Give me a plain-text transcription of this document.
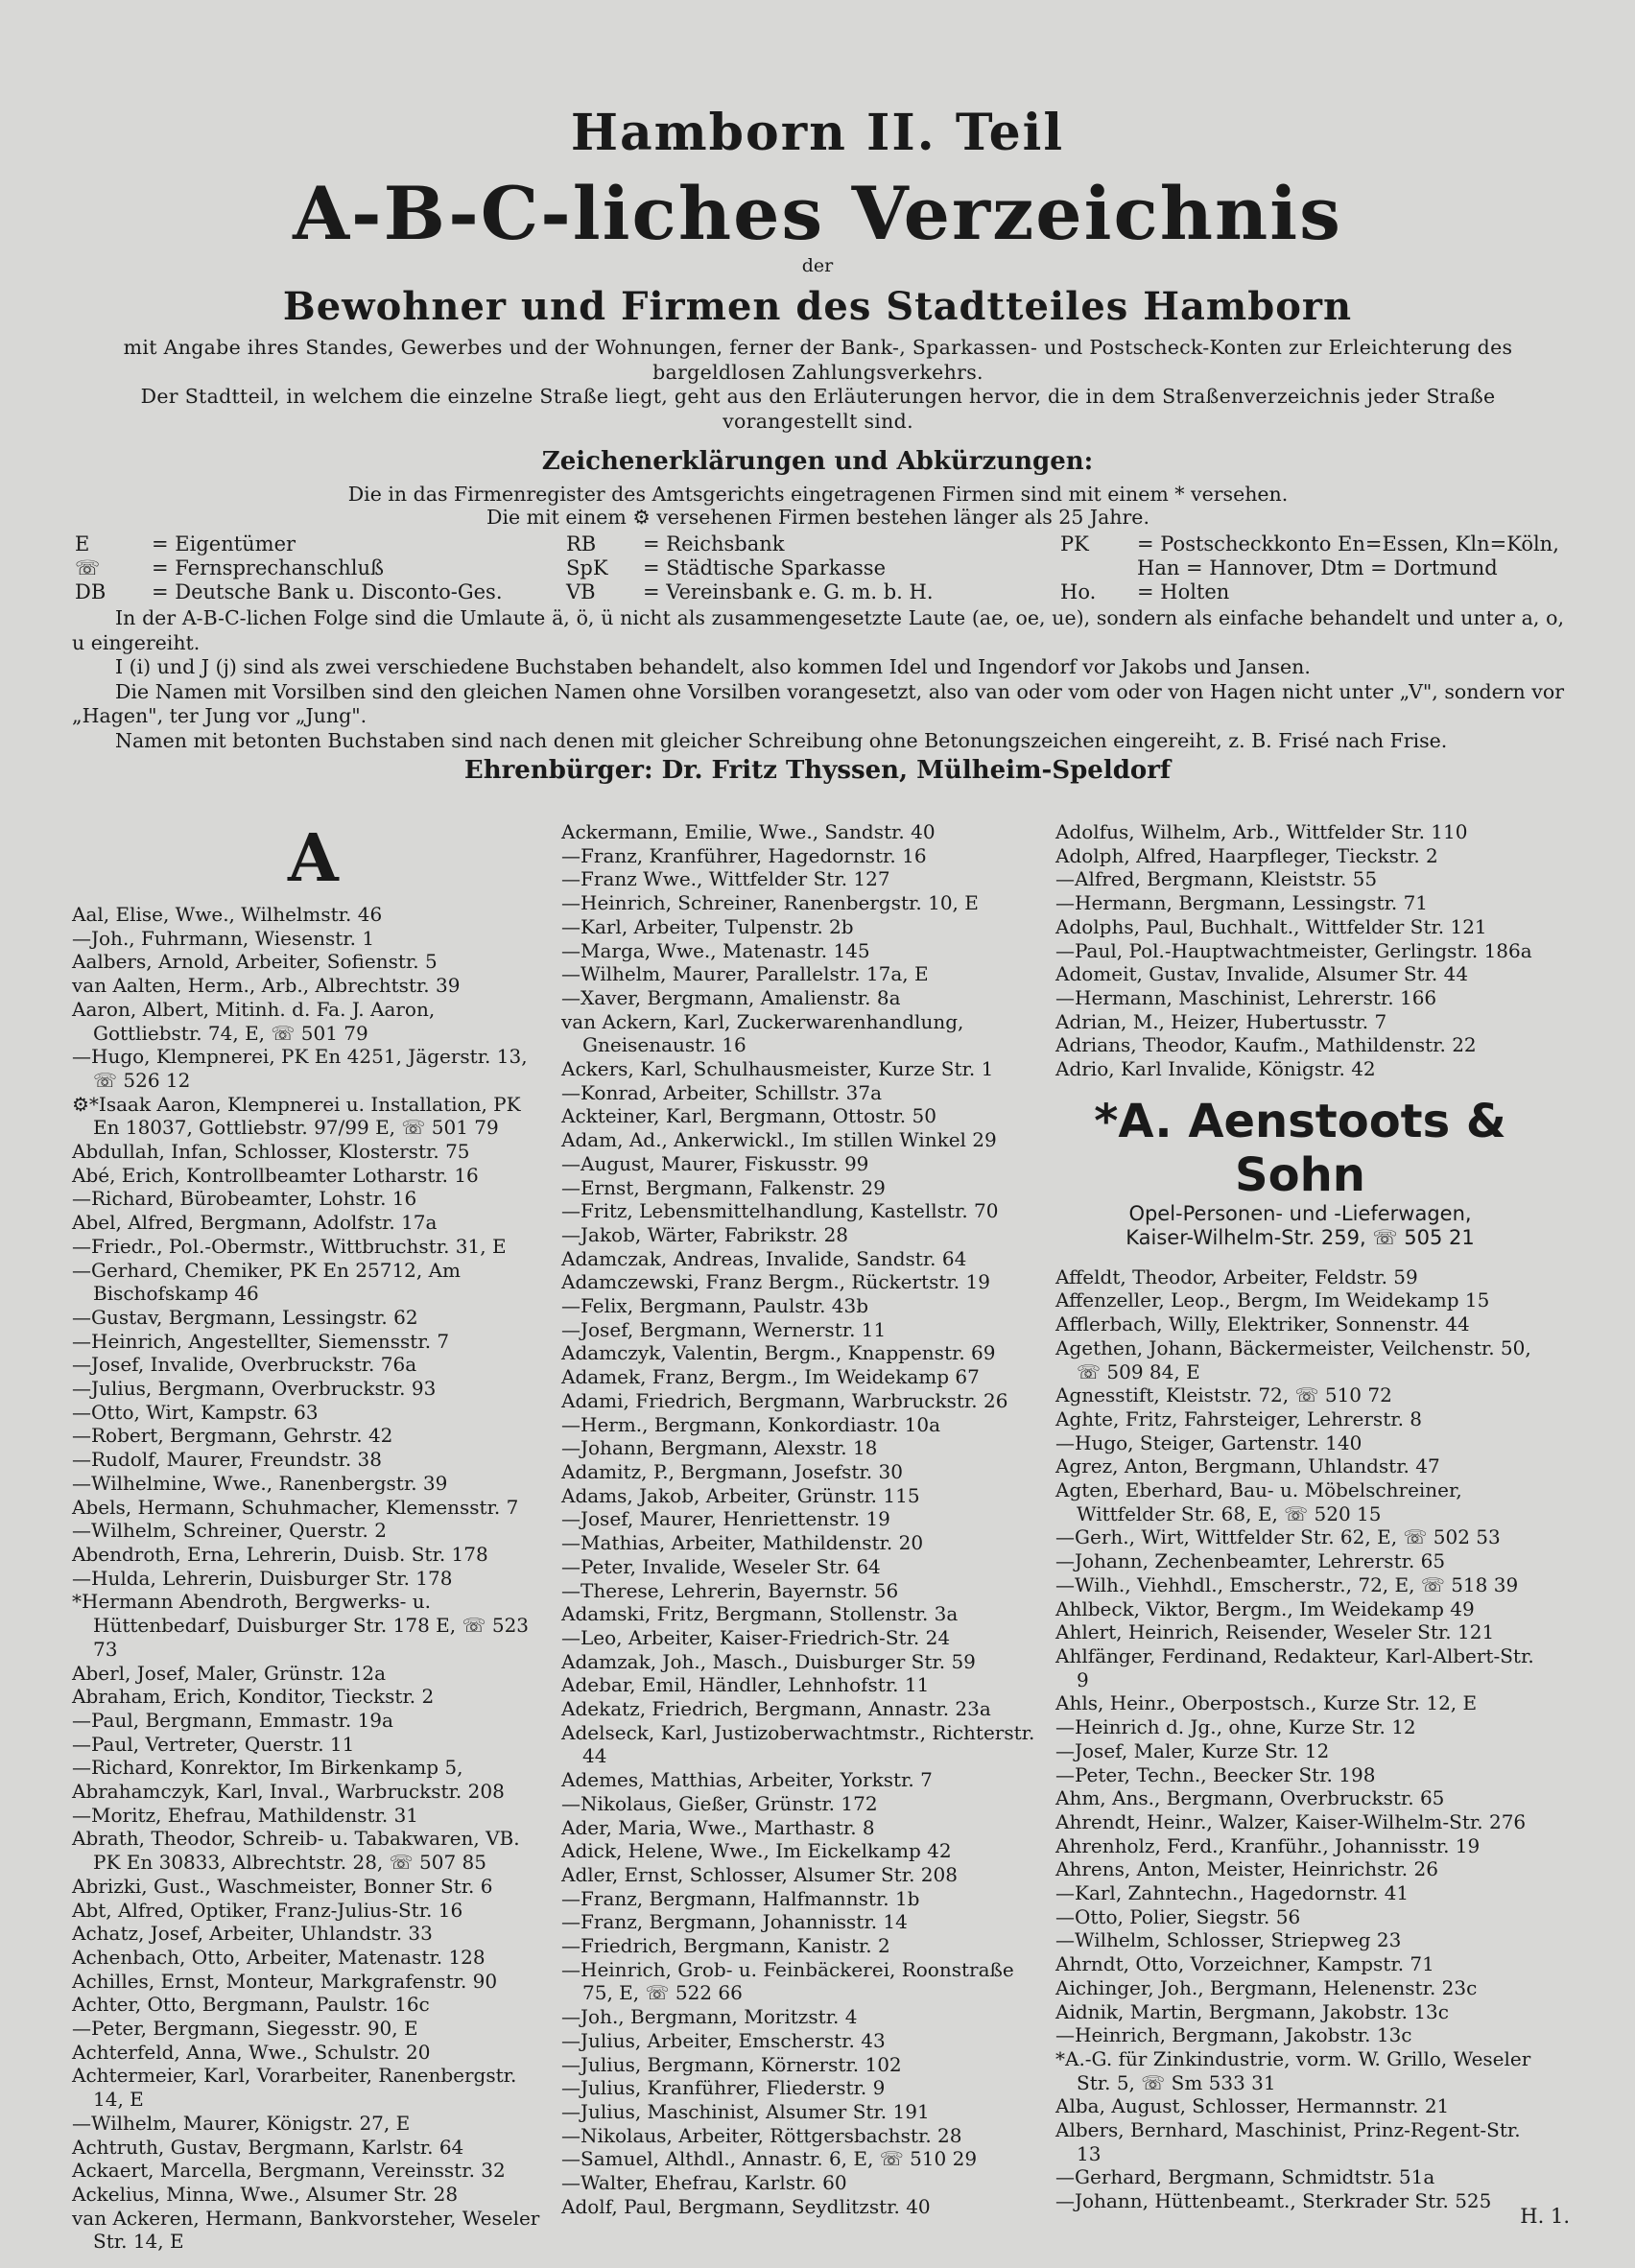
Hamborn II. Teil
A-B-C-liches Verzeichnis
der
Bewohner und Firmen des Stadtteiles Hamborn

mit Angabe ihres Standes, Gewerbes und der Wohnungen, ferner der Bank-, Sparkassen- und Postscheck-Konten zur Erleichterung des bargeldlosen Zahlungsverkehrs.

Der Stadtteil, in welchem die einzelne Straße liegt, geht aus den Erläuterungen hervor, die in dem Straßenverzeichnis jeder Straße vorangestellt sind.

Zeichenerklärungen und Abkürzungen:

Die in das Firmenregister des Amtsgerichts eingetragenen Firmen sind mit einem * versehen.

Die mit einem ⚙ versehenen Firmen bestehen länger als 25 Jahre.

E	= Eigentümer
☏	= Fernsprechanschluß
DB = Deutsche Bank u. Disconto-Ges.
RB = Reichsbank
SpK = Städtische Sparkasse
VB = Vereinsbank e. G. m. b. H.
PK = Postscheckkonto En=Essen, Kln=Köln,
Han = Hannover, Dtm = Dortmund
Ho. = Holten

In der A-B-C-lichen Folge sind die Umlaute ä, ö, ü nicht als zusammengesetzte Laute (ae, oe, ue), sondern als einfache behandelt und unter a, o, u eingereiht.

I (i) und J (j) sind als zwei verschiedene Buchstaben behandelt, also kommen Idel und Ingendorf vor Jakobs und Jansen.

Die Namen mit Vorsilben sind den gleichen Namen ohne Vorsilben vorangesetzt, also van oder vom oder von Hagen nicht unter „V", sondern vor „Hagen", ter Jung vor „Jung".

Namen mit betonten Buchstaben sind nach denen mit gleicher Schreibung ohne Betonungszeichen eingereiht, z. B. Frisé nach Frise.

Ehrenbürger: Dr. Fritz Thyssen, Mülheim-Speldorf
A

Aal, Elise, Wwe., Wilhelmstr. 46

—Joh., Fuhrmann, Wiesenstr. 1

Aalbers, Arnold, Arbeiter, Sofienstr. 5

van Aalten, Herm., Arb., Albrechtstr. 39

Aaron, Albert, Mitinh. d. Fa. J. Aaron, Gottliebstr. 74, E, ☏ 501 79

—Hugo, Klempnerei, PK En 4251, Jägerstr. 13, ☏ 526 12

⚙*Isaak Aaron, Klempnerei u. Installation, PK En 18037, Gottliebstr. 97/99 E, ☏ 501 79

Abdullah, Infan, Schlosser, Klosterstr. 75

Abé, Erich, Kontrollbeamter Lotharstr. 16

—Richard, Bürobeamter, Lohstr. 16

Abel, Alfred, Bergmann, Adolfstr. 17a

—Friedr., Pol.-Obermstr., Wittbruchstr. 31, E

—Gerhard, Chemiker, PK En 25712, Am Bischofskamp 46

—Gustav, Bergmann, Lessingstr. 62

—Heinrich, Angestellter, Siemensstr. 7

—Josef, Invalide, Overbruckstr. 76a

—Julius, Bergmann, Overbruckstr. 93

—Otto, Wirt, Kampstr. 63

—Robert, Bergmann, Gehrstr. 42

—Rudolf, Maurer, Freundstr. 38

—Wilhelmine, Wwe., Ranenbergstr. 39

Abels, Hermann, Schuhmacher, Klemensstr. 7

—Wilhelm, Schreiner, Querstr. 2

Abendroth, Erna, Lehrerin, Duisb. Str. 178

—Hulda, Lehrerin, Duisburger Str. 178

*Hermann Abendroth, Bergwerks- u. Hüttenbedarf, Duisburger Str. 178 E, ☏ 523 73

Aberl, Josef, Maler, Grünstr. 12a

Abraham, Erich, Konditor, Tieckstr. 2

—Paul, Bergmann, Emmastr. 19a

—Paul, Vertreter, Querstr. 11

—Richard, Konrektor, Im Birkenkamp 5,

Abrahamczyk, Karl, Inval., Warbruckstr. 208

—Moritz, Ehefrau, Mathildenstr. 31

Abrath, Theodor, Schreib- u. Tabakwaren, VB. PK En 30833, Albrechtstr. 28, ☏ 507 85

Abrizki, Gust., Waschmeister, Bonner Str. 6

Abt, Alfred, Optiker, Franz-Julius-Str. 16

Achatz, Josef, Arbeiter, Uhlandstr. 33

Achenbach, Otto, Arbeiter, Matenastr. 128

Achilles, Ernst, Monteur, Markgrafenstr. 90

Achter, Otto, Bergmann, Paulstr. 16c

—Peter, Bergmann, Siegesstr. 90, E

Achterfeld, Anna, Wwe., Schulstr. 20

Achtermeier, Karl, Vorarbeiter, Ranenbergstr. 14, E

—Wilhelm, Maurer, Königstr. 27, E

Achtruth, Gustav, Bergmann, Karlstr. 64

Ackaert, Marcella, Bergmann, Vereinsstr. 32

Ackelius, Minna, Wwe., Alsumer Str. 28

van Ackeren, Hermann, Bankvorsteher, Weseler Str. 14, E

Ackermann, Emilie, Wwe., Sandstr. 40

—Franz, Kranführer, Hagedornstr. 16

—Franz Wwe., Wittfelder Str. 127

—Heinrich, Schreiner, Ranenbergstr. 10, E

—Karl, Arbeiter, Tulpenstr. 2b

—Marga, Wwe., Matenastr. 145

—Wilhelm, Maurer, Parallelstr. 17a, E

—Xaver, Bergmann, Amalienstr. 8a

van Ackern, Karl, Zuckerwarenhandlung, Gneisenaustr. 16

Ackers, Karl, Schulhausmeister, Kurze Str. 1

—Konrad, Arbeiter, Schillstr. 37a

Ackteiner, Karl, Bergmann, Ottostr. 50

Adam, Ad., Ankerwickl., Im stillen Winkel 29

—August, Maurer, Fiskusstr. 99

—Ernst, Bergmann, Falkenstr. 29

—Fritz, Lebensmittelhandlung, Kastellstr. 70

—Jakob, Wärter, Fabrikstr. 28

Adamczak, Andreas, Invalide, Sandstr. 64

Adamczewski, Franz Bergm., Rückertstr. 19

—Felix, Bergmann, Paulstr. 43b

—Josef, Bergmann, Wernerstr. 11

Adamczyk, Valentin, Bergm., Knappenstr. 69

Adamek, Franz, Bergm., Im Weidekamp 67

Adami, Friedrich, Bergmann, Warbruckstr. 26

—Herm., Bergmann, Konkordiastr. 10a

—Johann, Bergmann, Alexstr. 18

Adamitz, P., Bergmann, Josefstr. 30

Adams, Jakob, Arbeiter, Grünstr. 115

—Josef, Maurer, Henriettenstr. 19

—Mathias, Arbeiter, Mathildenstr. 20

—Peter, Invalide, Weseler Str. 64

—Therese, Lehrerin, Bayernstr. 56

Adamski, Fritz, Bergmann, Stollenstr. 3a

—Leo, Arbeiter, Kaiser-Friedrich-Str. 24

Adamzak, Joh., Masch., Duisburger Str. 59

Adebar, Emil, Händler, Lehnhofstr. 11

Adekatz, Friedrich, Bergmann, Annastr. 23a

Adelseck, Karl, Justizoberwachtmstr., Richterstr. 44

Ademes, Matthias, Arbeiter, Yorkstr. 7

—Nikolaus, Gießer, Grünstr. 172

Ader, Maria, Wwe., Marthastr. 8

Adick, Helene, Wwe., Im Eickelkamp 42

Adler, Ernst, Schlosser, Alsumer Str. 208

—Franz, Bergmann, Halfmannstr. 1b

—Franz, Bergmann, Johannisstr. 14

—Friedrich, Bergmann, Kanistr. 2

—Heinrich, Grob- u. Feinbäckerei, Roonstraße 75, E, ☏ 522 66

—Joh., Bergmann, Moritzstr. 4

—Julius, Arbeiter, Emscherstr. 43

—Julius, Bergmann, Körnerstr. 102

—Julius, Kranführer, Fliederstr. 9

—Julius, Maschinist, Alsumer Str. 191

—Nikolaus, Arbeiter, Röttgersbachstr. 28

—Samuel, Althdl., Annastr. 6, E, ☏ 510 29

—Walter, Ehefrau, Karlstr. 60

Adolf, Paul, Bergmann, Seydlitzstr. 40

Adolfus, Wilhelm, Arb., Wittfelder Str. 110

Adolph, Alfred, Haarpfleger, Tieckstr. 2

—Alfred, Bergmann, Kleiststr. 55

—Hermann, Bergmann, Lessingstr. 71

Adolphs, Paul, Buchhalt., Wittfelder Str. 121

—Paul, Pol.-Hauptwachtmeister, Gerlingstr. 186a

Adomeit, Gustav, Invalide, Alsumer Str. 44

—Hermann, Maschinist, Lehrerstr. 166

Adrian, M., Heizer, Hubertusstr. 7

Adrians, Theodor, Kaufm., Mathildenstr. 22

Adrio, Karl Invalide, Königstr. 42

*A. Aenstoots & Sohn
Opel-Personen- und -Lieferwagen,
Kaiser-Wilhelm-Str. 259, ☏ 505 21

Affeldt, Theodor, Arbeiter, Feldstr. 59

Affenzeller, Leop., Bergm, Im Weidekamp 15

Afflerbach, Willy, Elektriker, Sonnenstr. 44

Agethen, Johann, Bäckermeister, Veilchenstr. 50, ☏ 509 84, E

Agnesstift, Kleiststr. 72, ☏ 510 72

Aghte, Fritz, Fahrsteiger, Lehrerstr. 8

—Hugo, Steiger, Gartenstr. 140

Agrez, Anton, Bergmann, Uhlandstr. 47

Agten, Eberhard, Bau- u. Möbelschreiner, Wittfelder Str. 68, E, ☏ 520 15

—Gerh., Wirt, Wittfelder Str. 62, E, ☏ 502 53

—Johann, Zechenbeamter, Lehrerstr. 65

—Wilh., Viehhdl., Emscherstr., 72, E, ☏ 518 39

Ahlbeck, Viktor, Bergm., Im Weidekamp 49

Ahlert, Heinrich, Reisender, Weseler Str. 121

Ahlfänger, Ferdinand, Redakteur, Karl-Albert-Str. 9

Ahls, Heinr., Oberpostsch., Kurze Str. 12, E

—Heinrich d. Jg., ohne, Kurze Str. 12

—Josef, Maler, Kurze Str. 12

—Peter, Techn., Beecker Str. 198

Ahm, Ans., Bergmann, Overbruckstr. 65

Ahrendt, Heinr., Walzer, Kaiser-Wilhelm-Str. 276

Ahrenholz, Ferd., Kranführ., Johannisstr. 19

Ahrens, Anton, Meister, Heinrichstr. 26

—Karl, Zahntechn., Hagedornstr. 41

—Otto, Polier, Siegstr. 56

—Wilhelm, Schlosser, Striepweg 23

Ahrndt, Otto, Vorzeichner, Kampstr. 71

Aichinger, Joh., Bergmann, Helenenstr. 23c

Aidnik, Martin, Bergmann, Jakobstr. 13c

—Heinrich, Bergmann, Jakobstr. 13c

*A.-G. für Zinkindustrie, vorm. W. Grillo, Weseler Str. 5, ☏ Sm 533 31

Alba, August, Schlosser, Hermannstr. 21

Albers, Bernhard, Maschinist, Prinz-Regent-Str. 13

—Gerhard, Bergmann, Schmidtstr. 51a

—Johann, Hüttenbeamt., Sterkrader Str. 525

H. 1.
